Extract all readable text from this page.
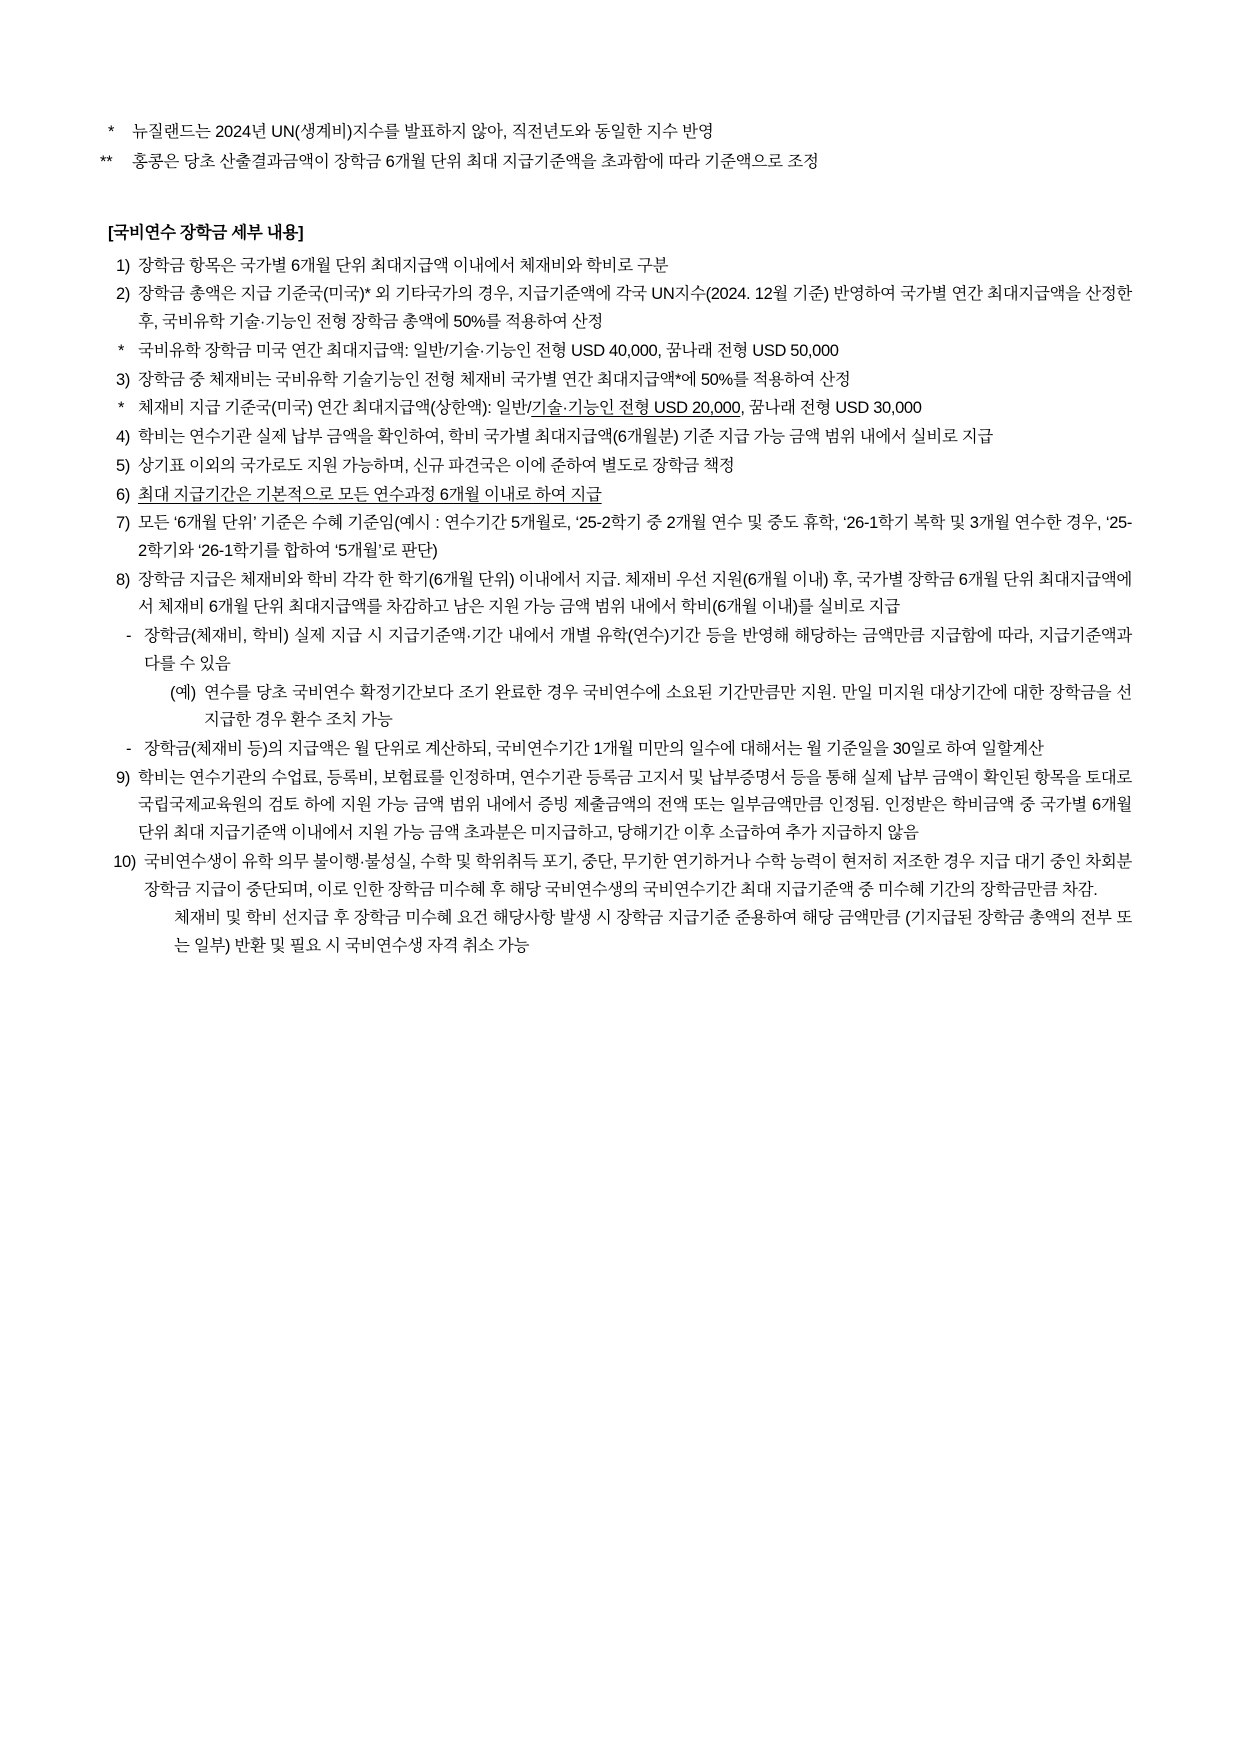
*	뉴질랜드는 2024년 UN(생계비)지수를 발표하지 않아, 직전년도와 동일한 지수 반영
**	홍콩은 당초 산출결과금액이 장학금 6개월 단위 최대 지급기준액을 초과함에 따라 기준액으로 조정
[국비연수 장학금 세부 내용]
1) 장학금 항목은 국가별 6개월 단위 최대지급액 이내에서 체재비와 학비로 구분
2) 장학금 총액은 지급 기준국(미국)* 외 기타국가의 경우, 지급기준액에 각국 UN지수(2024. 12월 기준) 반영하여 국가별 연간 최대지급액을 산정한 후, 국비유학 기술·기능인 전형 장학금 총액에 50%를 적용하여 산정
* 국비유학 장학금 미국 연간 최대지급액: 일반/기술·기능인 전형 USD 40,000, 꿈나래 전형 USD 50,000
3) 장학금 중 체재비는 국비유학 기술기능인 전형 체재비 국가별 연간 최대지급액*에 50%를 적용하여 산정
* 체재비 지급 기준국(미국) 연간 최대지급액(상한액): 일반/기술·기능인 전형 USD 20,000, 꿈나래 전형 USD 30,000
4) 학비는 연수기관 실제 납부 금액을 확인하여, 학비 국가별 최대지급액(6개월분) 기준 지급 가능 금액 범위 내에서 실비로 지급
5) 상기표 이외의 국가로도 지원 가능하며, 신규 파견국은 이에 준하여 별도로 장학금 책정
6) 최대 지급기간은 기본적으로 모든 연수과정 6개월 이내로 하여 지급
7) 모든 ‘6개월 단위’ 기준은 수혜 기준임(예시 : 연수기간 5개월로, ‘25-2학기 중 2개월 연수 및 중도 휴학, ‘26-1학기 복학 및 3개월 연수한 경우, ‘25-2학기와 ‘26-1학기를 합하여 ‘5개월’로 판단)
8) 장학금 지급은 체재비와 학비 각각 한 학기(6개월 단위) 이내에서 지급. 체재비 우선 지원(6개월 이내) 후, 국가별 장학금 6개월 단위 최대지급액에서 체재비 6개월 단위 최대지급액를 차감하고 남은 지원 가능 금액 범위 내에서 학비(6개월 이내)를 실비로 지급
- 장학금(체재비, 학비) 실제 지급 시 지급기준액·기간 내에서 개별 유학(연수)기간 등을 반영해 해당하는 금액만큼 지급함에 따라, 지급기준액과 다를 수 있음
(예) 연수를 당초 국비연수 확정기간보다 조기 완료한 경우 국비연수에 소요된 기간만큼만 지원. 만일 미지원 대상기간에 대한 장학금을 선지급한 경우 환수 조치 가능
- 장학금(체재비 등)의 지급액은 월 단위로 계산하되, 국비연수기간 1개월 미만의 일수에 대해서는 월 기준일을 30일로 하여 일할계산
9) 학비는 연수기관의 수업료, 등록비, 보험료를 인정하며, 연수기관 등록금 고지서 및 납부증명서 등을 통해 실제 납부 금액이 확인된 항목을 토대로 국립국제교육원의 검토 하에 지원 가능 금액 범위 내에서 증빙 제출금액의 전액 또는 일부금액만큼 인정됨. 인정받은 학비금액 중 국가별 6개월 단위 최대 지급기준액 이내에서 지원 가능 금액 초과분은 미지급하고, 당해기간 이후 소급하여 추가 지급하지 않음
10) 국비연수생이 유학 의무 불이행·불성실, 수학 및 학위취득 포기, 중단, 무기한 연기하거나 수학 능력이 현저히 저조한 경우 지급 대기 중인 차회분 장학금 지급이 중단되며, 이로 인한 장학금 미수혜 후 해당 국비연수생의 국비연수기간 최대 지급기준액 중 미수혜 기간의 장학금만큼 차감.
체재비 및 학비 선지급 후 장학금 미수혜 요건 해당사항 발생 시 장학금 지급기준 준용하여 해당 금액만큼 (기지급된 장학금 총액의 전부 또는 일부) 반환 및 필요 시 국비연수생 자격 취소 가능
